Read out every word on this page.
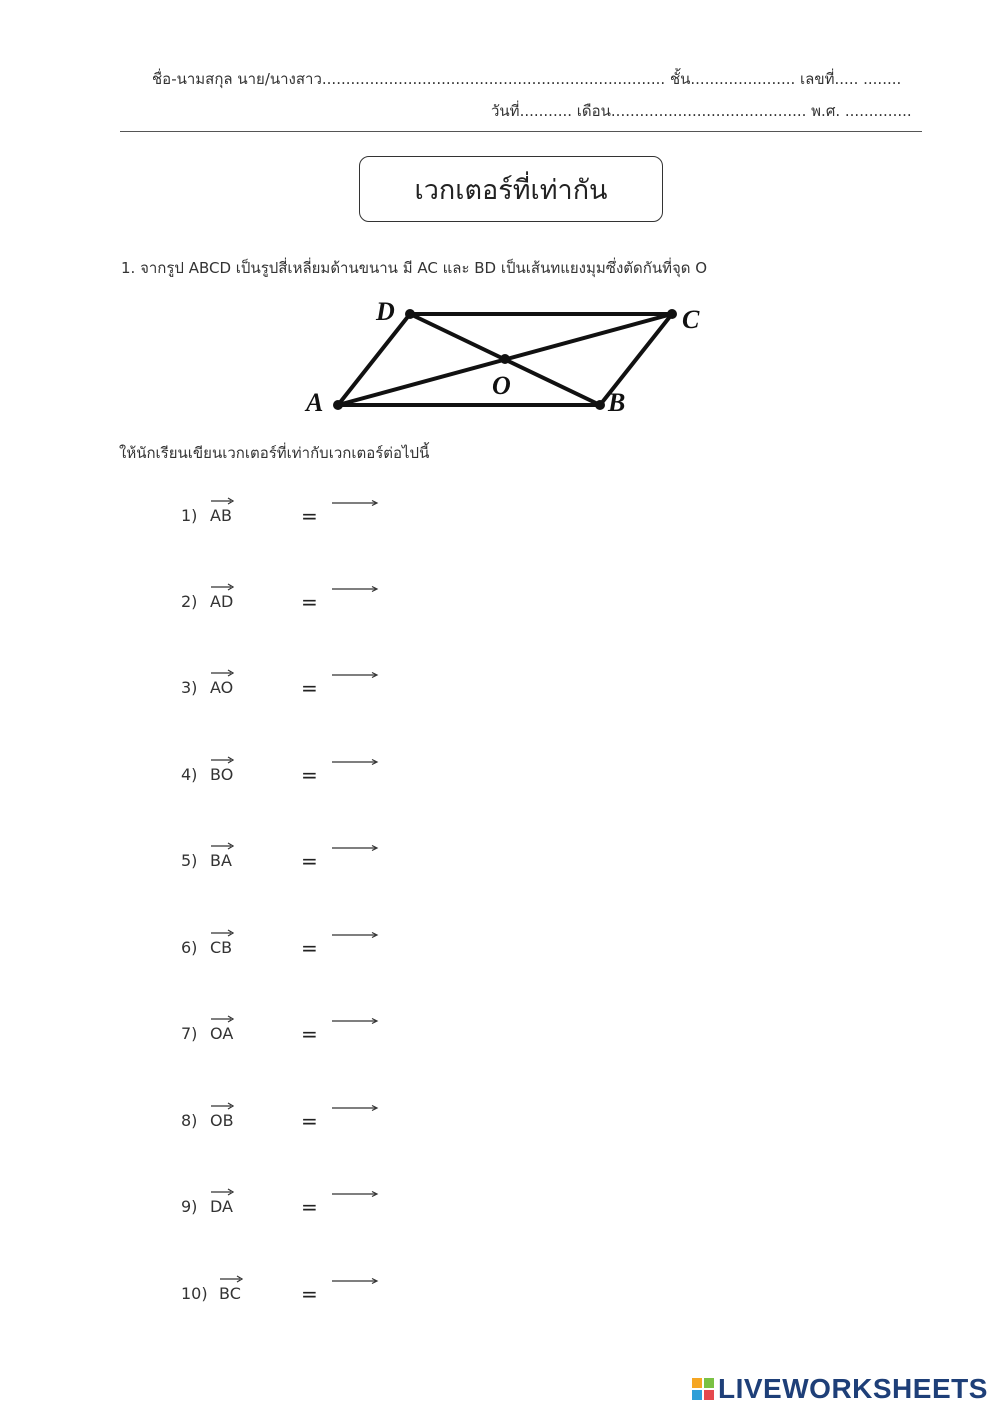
ชื่อ-นามสกุล นาย/นางสาว........................................................................ ชั้น...................... เลขที่..... ........
วันที่........... เดือน......................................... พ.ศ. ..............
เวกเตอร์ที่เท่ากัน
1. จากรูป ABCD เป็นรูปสี่เหลี่ยมด้านขนาน มี AC และ BD เป็นเส้นทแยงมุมซึ่งตัดกันที่จุด O
A	B
C
D
O
ให้นักเรียนเขียนเวกเตอร์ที่เท่ากับเวกเตอร์ต่อไปนี้
1) AB	=
2) AD	=
3) AO	=
4) BO	=
5) BA	=
6) CB	=
7) OA	=
8) OB	=
9) DA	=
10) BC	=
LIVEWORKSHEETS
